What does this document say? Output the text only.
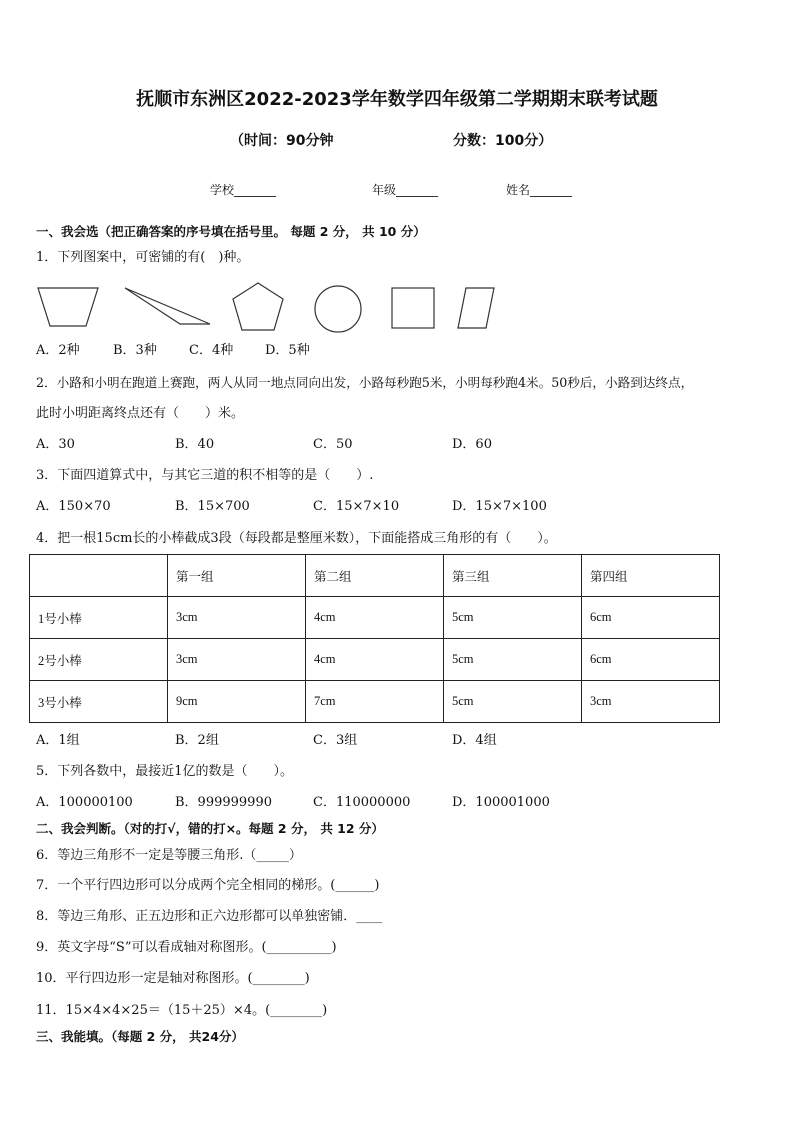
抚顺市东洲区2022-2023学年数学四年级第二学期期末联考试题
（时间：90分钟	分数：100分）
学校_______	年级_______	姓名_______
一、我会选（把正确答案的序号填在括号里。 每题 2 分， 共 10 分）
1．下列图案中，可密铺的有(　)种。
A．2种	B．3种 C．4种 D．5种
2．小路和小明在跑道上赛跑，两人从同一地点同向出发，小路每秒跑5米，小明每秒跑4米。50秒后，小路到达终点，
此时小明距离终点还有（　　）米。
A．30	B．40	C．50	D．60
3．下面四道算式中，与其它三道的积不相等的是（　　）.
A．150×70	B．15×700	C．15×7×10	D．15×7×100
4．把一根15cm长的小棒截成3段（每段都是整厘米数），下面能搭成三角形的有（　　）。
	第一组	第二组	第三组	第四组
1号小棒	3cm	4cm	5cm	6cm
2号小棒	3cm	4cm	5cm	6cm
3号小棒	9cm	7cm	5cm	3cm
A．1组	B．2组	C．3组	D．4组
5．下列各数中，最接近1亿的数是（　　）。
A．100000100	B．999999990	C．110000000	D．100001000
二、我会判断。（对的打√，错的打×。每题 2 分， 共 12 分）
6．等边三角形不一定是等腰三角形.（_____）
7．一个平行四边形可以分成两个完全相同的梯形。(______)
8．等边三角形、正五边形和正六边形都可以单独密铺．____
9．英文字母“S”可以看成轴对称图形。(__________)
10．平行四边形一定是轴对称图形。(________)
11．15×4×4×25＝（15＋25）×4。(________)
三、我能填。（每题 2 分， 共24分）
